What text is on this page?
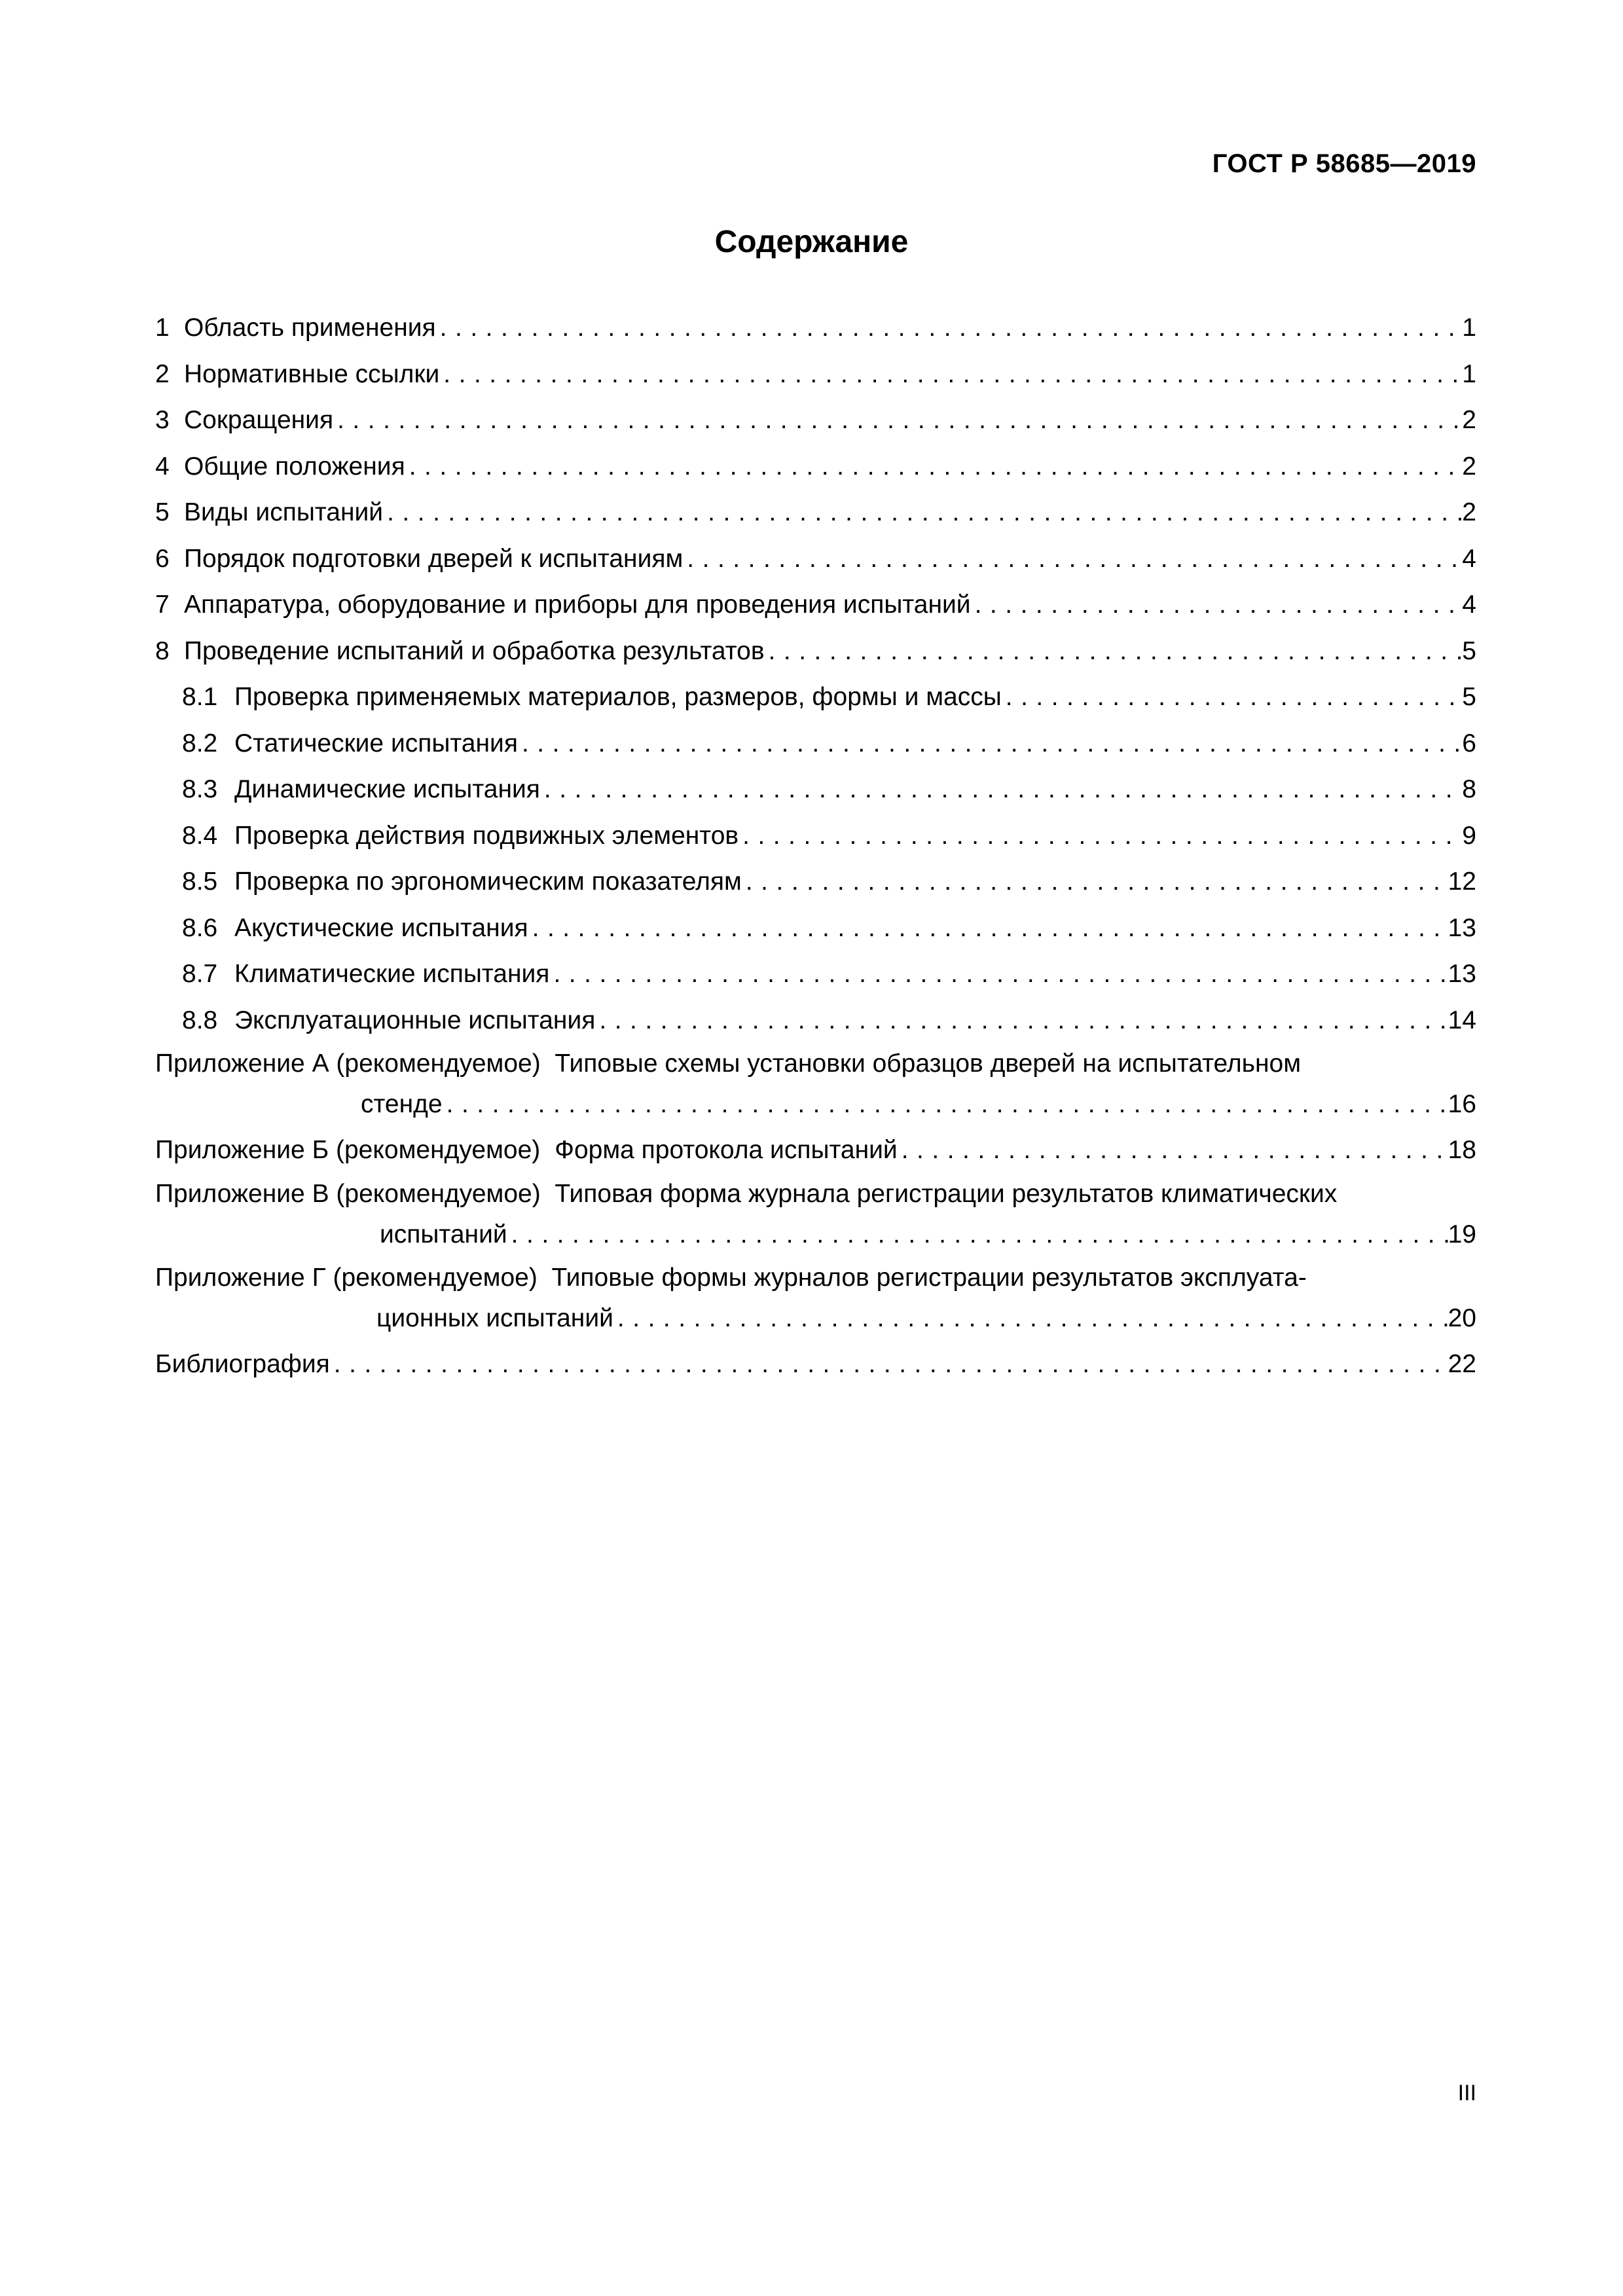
ГОСТ Р 58685—2019
Содержание
1 Область применения .....	1
2 Нормативные ссылки .....	1
3 Сокращения .....	2
4 Общие положения .....	2
5 Виды испытаний .....	2
6 Порядок подготовки дверей к испытаниям .....	4
7 Аппаратура, оборудование и приборы для проведения испытаний .....	4
8 Проведение испытаний и обработка результатов .....	5
8.1 Проверка применяемых материалов, размеров, формы и массы .....	5
8.2 Статические испытания .....	6
8.3 Динамические испытания .....	8
8.4 Проверка действия подвижных элементов .....	9
8.5 Проверка по эргономическим показателям .....	12
8.6 Акустические испытания .....	13
8.7 Климатические испытания .....	13
8.8 Эксплуатационные испытания .....	14
Приложение А (рекомендуемое) Типовые схемы установки образцов дверей на испытательном
стенде .....	16
Приложение Б (рекомендуемое) Форма протокола испытаний .....	18
Приложение В (рекомендуемое) Типовая форма журнала регистрации результатов климатических
испытаний .....	19
Приложение Г (рекомендуемое) Типовые формы журналов регистрации результатов эксплуата-
ционных испытаний .....	20
Библиография .....	22
III
